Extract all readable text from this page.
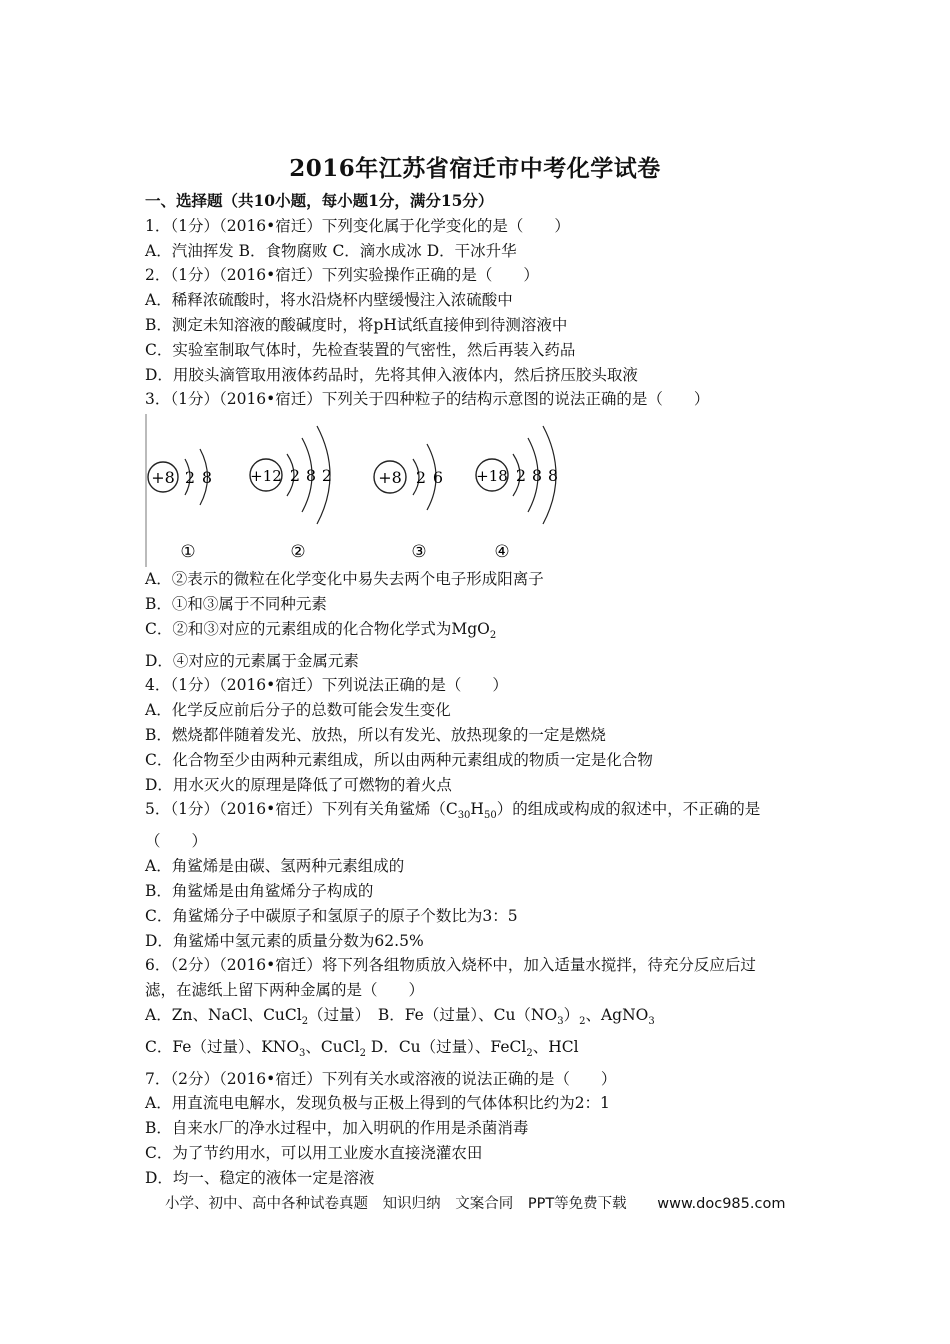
2016年江苏省宿迁市中考化学试卷
一、选择题（共10小题，每小题1分，满分15分）
1．（1分）（2016•宿迁）下列变化属于化学变化的是（　　）
A．汽油挥发 B．食物腐败 C．滴水成冰 D．干冰升华
2．（1分）（2016•宿迁）下列实验操作正确的是（　　）
A．稀释浓硫酸时，将水沿烧杯内壁缓慢注入浓硫酸中
B．测定未知溶液的酸碱度时，将pH试纸直接伸到待测溶液中
C．实验室制取气体时，先检查装置的气密性，然后再装入药品
D．用胶头滴管取用液体药品时，先将其伸入液体内，然后挤压胶头取液
3．（1分）（2016•宿迁）下列关于四种粒子的结构示意图的说法正确的是（　　）
+8 2 8
①
+12 2 8 2
②
+8 2 6
③
+18 2 8 8
④
A．②表示的微粒在化学变化中易失去两个电子形成阳离子
B．①和③属于不同种元素
C．②和③对应的元素组成的化合物化学式为MgO$_2$
D．④对应的元素属于金属元素
4．（1分）（2016•宿迁）下列说法正确的是（　　）
A．化学反应前后分子的总数可能会发生变化
B．燃烧都伴随着发光、放热，所以有发光、放热现象的一定是燃烧
C．化合物至少由两种元素组成，所以由两种元素组成的物质一定是化合物
D．用水灭火的原理是降低了可燃物的着火点
5．（1分）（2016•宿迁）下列有关角鲨烯$(C_{30}H_{50})$的组成或构成的叙述中，不正确的是
（　　）
A．角鲨烯是由碳、氢两种元素组成的
B．角鲨烯是由角鲨烯分子构成的
C．角鲨烯分子中碳原子和氢原子的原子个数比为3：5
D．角鲨烯中氢元素的质量分数为62.5%
6．（2分）（2016•宿迁）将下列各组物质放入烧杯中，加入适量水搅拌，待充分反应后过
滤，在滤纸上留下两种金属的是（　　）
A．Zn、NaCl、CuCl$_2$（过量）　B．Fe（过量）、$Cu(NO_3)_2$、AgNO$_3$
C．Fe（过量）、$KNO_3$、CuCl$_2$ D．Cu（过量）、FeCl$_2$、HCl
7．（2分）（2016•宿迁）下列有关水或溶液的说法正确的是（　　）
A．用直流电电解水，发现负极与正极上得到的气体体积比约为2：1
B．自来水厂的净水过程中，加入明矾的作用是杀菌消毒
C．为了节约用水，可以用工业废水直接浇灌农田
D．均一、稳定的液体一定是溶液
小学、初中、高中各种试卷真题 知识归纳 文案合同 PPT等免费下载 www.doc985.com
